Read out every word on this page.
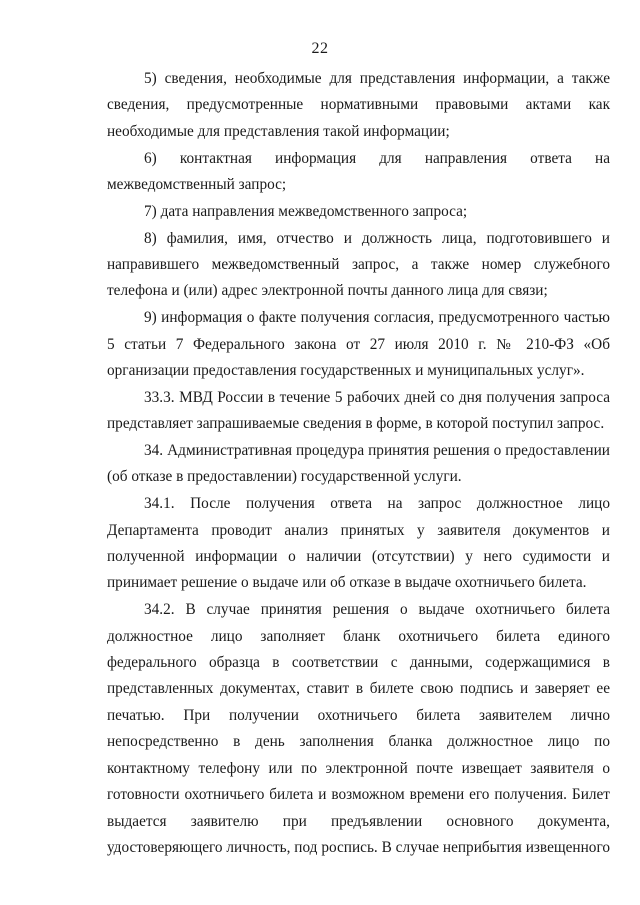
22

5) сведения, необходимые для представления информации, а также сведения, предусмотренные нормативными правовыми актами как необходимые для представления такой информации;

6) контактная информация для направления ответа на межведомственный запрос;

7) дата направления межведомственного запроса;

8) фамилия, имя, отчество и должность лица, подготовившего и направившего межведомственный запрос, а также номер служебного телефона и (или) адрес электронной почты данного лица для связи;

9) информация о факте получения согласия, предусмотренного частью 5 статьи 7 Федерального закона от 27 июля 2010 г. № 210-ФЗ «Об организации предоставления государственных и муниципальных услуг».

33.3. МВД России в течение 5 рабочих дней со дня получения запроса представляет запрашиваемые сведения в форме, в которой поступил запрос.

34. Административная процедура принятия решения о предоставлении (об отказе в предоставлении) государственной услуги.

34.1. После получения ответа на запрос должностное лицо Департамента проводит анализ принятых у заявителя документов и полученной информации о наличии (отсутствии) у него судимости и принимает решение о выдаче или об отказе в выдаче охотничьего билета.

34.2. В случае принятия решения о выдаче охотничьего билета должностное лицо заполняет бланк охотничьего билета единого федерального образца в соответствии с данными, содержащимися в представленных документах, ставит в билете свою подпись и заверяет ее печатью. При получении охотничьего билета заявителем лично непосредственно в день заполнения бланка должностное лицо по контактному телефону или по электронной почте извещает заявителя о готовности охотничьего билета и возможном времени его получения. Билет выдается заявителю при предъявлении основного документа, удостоверяющего личность, под роспись. В случае неприбытия извещенного
